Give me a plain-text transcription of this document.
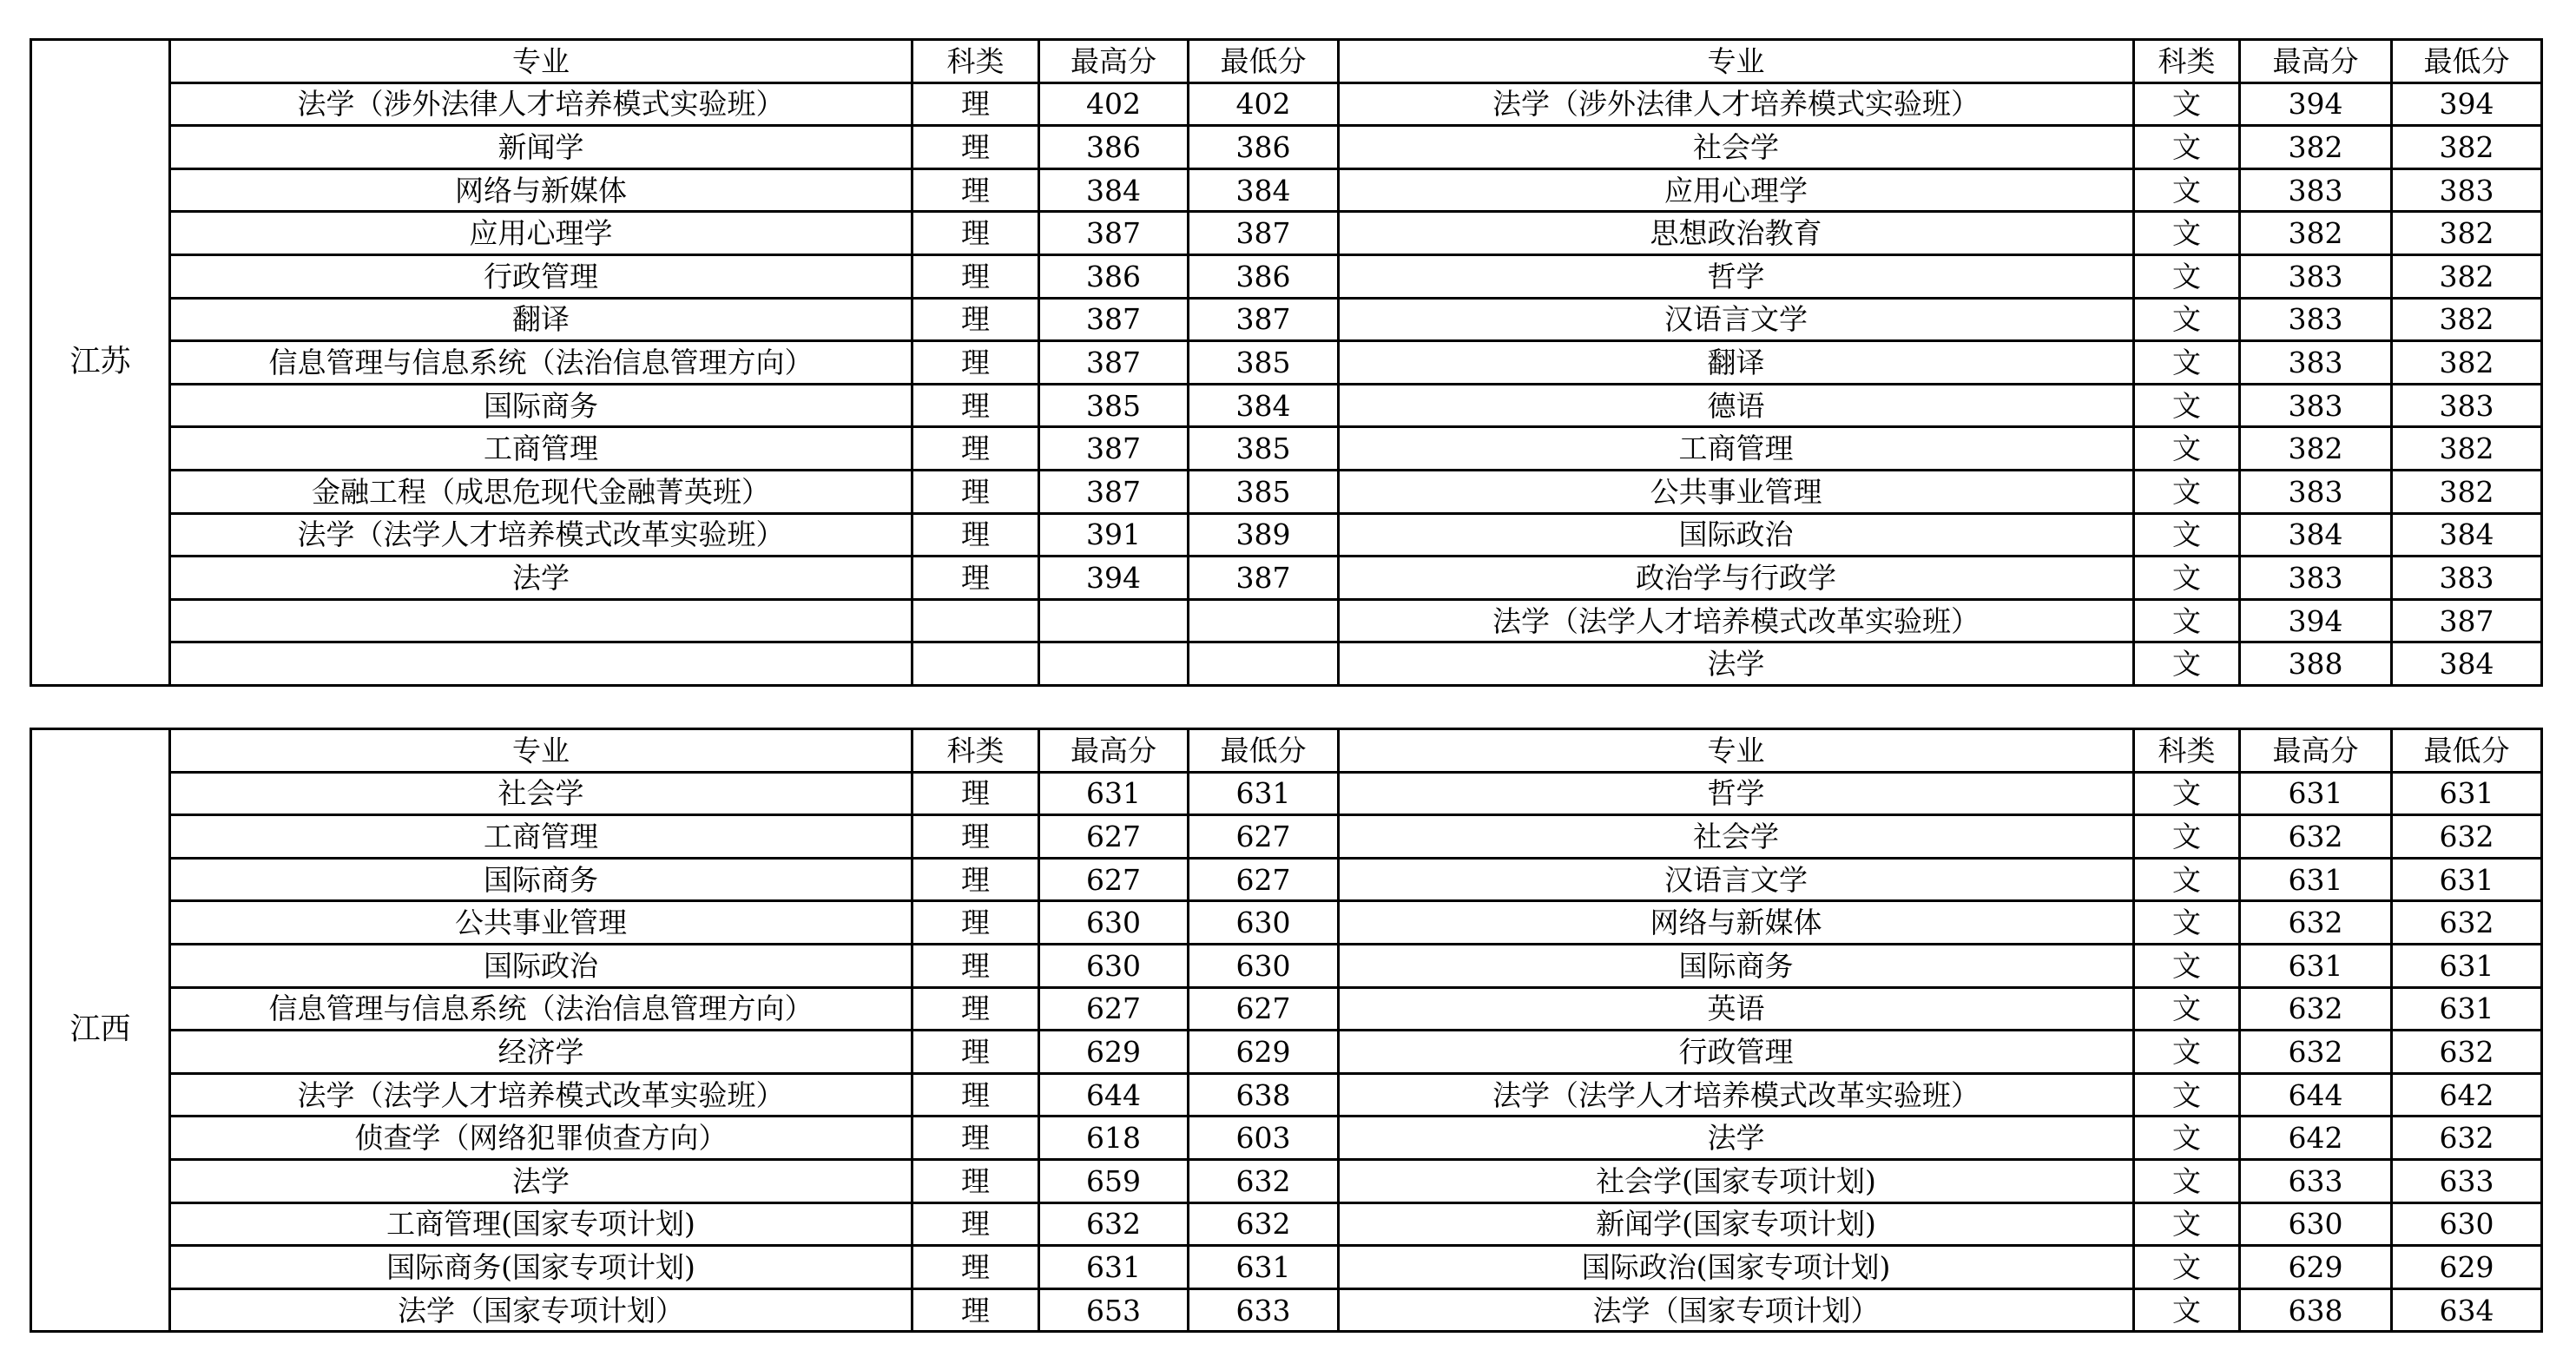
江苏	专业	科类	最高分	最低分	专业	科类	最高分	最低分
	法学（涉外法律人才培养模式实验班）	理	402	402	法学（涉外法律人才培养模式实验班）	文	394	394
	新闻学	理	386	386	社会学	文	382	382
	网络与新媒体	理	384	384	应用心理学	文	383	383
	应用心理学	理	387	387	思想政治教育	文	382	382
	行政管理	理	386	386	哲学	文	383	382
	翻译	理	387	387	汉语言文学	文	383	382
	信息管理与信息系统（法治信息管理方向）	理	387	385	翻译	文	383	382
	国际商务	理	385	384	德语	文	383	383
	工商管理	理	387	385	工商管理	文	382	382
	金融工程（成思危现代金融菁英班）	理	387	385	公共事业管理	文	383	382
	法学（法学人才培养模式改革实验班）	理	391	389	国际政治	文	384	384
	法学	理	394	387	政治学与行政学	文	383	383
					法学（法学人才培养模式改革实验班）	文	394	387
					法学	文	388	384
江西	专业	科类	最高分	最低分	专业	科类	最高分	最低分
	社会学	理	631	631	哲学	文	631	631
	工商管理	理	627	627	社会学	文	632	632
	国际商务	理	627	627	汉语言文学	文	631	631
	公共事业管理	理	630	630	网络与新媒体	文	632	632
	国际政治	理	630	630	国际商务	文	631	631
	信息管理与信息系统（法治信息管理方向）	理	627	627	英语	文	632	631
	经济学	理	629	629	行政管理	文	632	632
	法学（法学人才培养模式改革实验班）	理	644	638	法学（法学人才培养模式改革实验班）	文	644	642
	侦查学（网络犯罪侦查方向）	理	618	603	法学	文	642	632
	法学	理	659	632	社会学(国家专项计划)	文	633	633
	工商管理(国家专项计划)	理	632	632	新闻学(国家专项计划)	文	630	630
	国际商务(国家专项计划)	理	631	631	国际政治(国家专项计划)	文	629	629
	法学（国家专项计划）	理	653	633	法学（国家专项计划）	文	638	634
